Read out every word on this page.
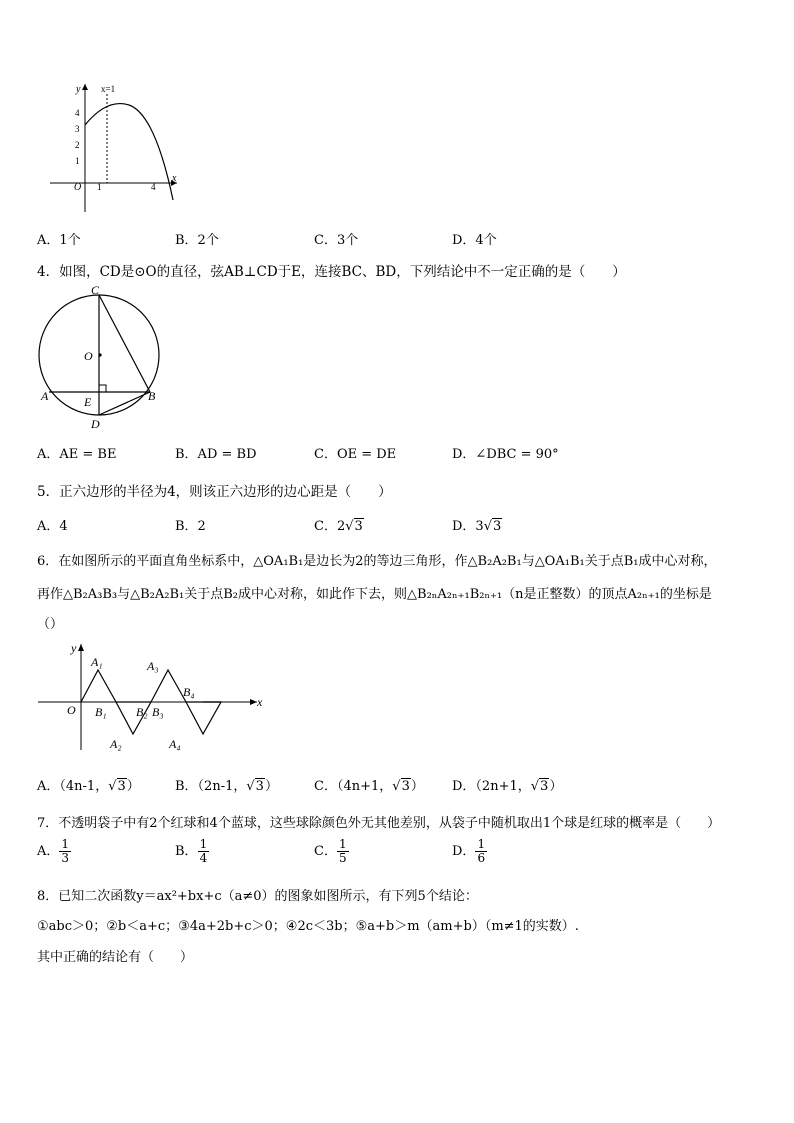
y x=1
4
3
2
1
O 1	4
x
A．1个	B．2个	C．3个	D．4个
4．如图，CD是⊙O的直径，弦AB⊥CD于E，连接BC、BD，下列结论中不一定正确的是（　　）
C
O
A	E	B
D
A．AE = BE	B．AD = BD	C．OE = DE	D．∠DBC = 90°
5．正六边形的半径为4，则该正六边形的边心距是（　　）
A．4	B．2	C．2√3	D．3√3
6．在如图所示的平面直角坐标系中，△OA₁B₁是边长为2的等边三角形，作△B₂A₂B₁与△OA₁B₁关于点B₁成中心对称，
再作△B₂A₃B₃与△B₂A₂B₁关于点B₂成中心对称，如此作下去，则△B₂ₙA₂ₙ₊₁B₂ₙ₊₁（n是正整数）的顶点A₂ₙ₊₁的坐标是
（）
y
x
O
A₁	A₃
B₁ B₂ B₃
B₄
A₂	A₄
A．（4n-1，√3）	B．（2n-1，√3）	C．（4n+1，√3） D．（2n+1，√3）
7．不透明袋子中有2个红球和4个蓝球，这些球除颜色外无其他差别，从袋子中随机取出1个球是红球的概率是（　　）
A． $\frac{1}{3}$	B． $\frac{1}{4}$	C． $\frac{1}{5}$	D． $\frac{1}{6}$
8．已知二次函数y＝ax²+bx+c（a≠0）的图象如图所示，有下列5个结论：
①abc＞0；②b＜a+c；③4a+2b+c＞0；④2c＜3b；⑤a+b＞m（am+b）（m≠1的实数）.
其中正确的结论有（　　）
